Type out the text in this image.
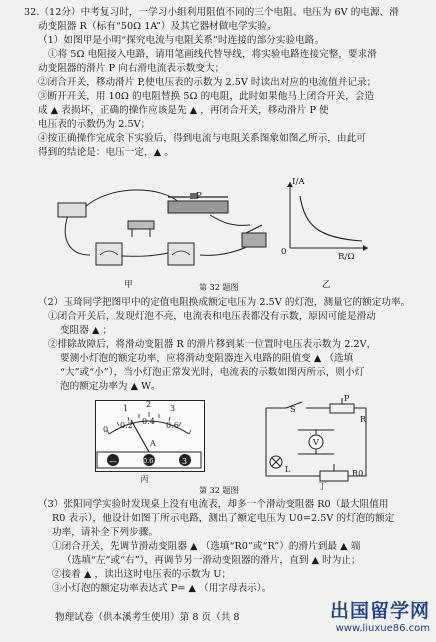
32.（12分）中考复习时，一学习小组利用阻值不同的三个电阻、电压为 6V 的电源、滑
动变阻器 R（标有“50Ω 1A”）及其它器材做电学实验。
（1）如图甲是小明“探究电流与电阻关系”时连接的部分实验电路。
①将 5Ω 电阻接入电路，请用笔画线代替导线，将实验电路连接完整，要求滑
动变阻器的滑片 P 向右滑电流表示数变大；
②闭合开关，移动滑片 P,使电压表的示数为 2.5V 时读出对应的电流值并记录；
③断开开关，用 10Ω 的电阻替换 5Ω 的电阻，此时如果他马上闭合开关，会造
成 ▲ 表损坏，正确的操作应该是先 ▲ ，再闭合开关，移动滑片 P 使
电压表的示数仍为 2.5V；
④按正确操作完成余下实验后，得到电流与电阻关系图象如图乙所示，由此可
得到的结论是：电压一定，▲ 。
P
I/A
R/Ω
0
甲	第 32 题图	乙
（2）玉琦同学把图甲中的定值电阻换成额定电压为 2.5V 的灯泡，测量它的额定功率。
①闭合开关后，发现灯泡不亮，电流表和电压表都没有示数，原因可能是滑动
变阻器 ▲ ；
②排除故障后，将滑动变阻器 R 的滑片移到某一位置时电压表示数为 2.2V，
要测小灯泡的额定功率，应将滑动变阻器连入电路的阻值变 ▲ （选填
“大”或“小”），当小灯泡正常发光时，电流表的示数如图丙所示，则小灯
泡的额定功率为 ▲ W。
1 2 3
0 0.2 0.4 0.6
A
—	0.6	3
丙
S
P
R
V
L	R0
丁
第 32 题图
（3）张阳同学实验时发现桌上没有电流表，却多一个滑动变阻器 R0（最大阻值用
R0 表示），他设计如图丁所示电路，测出了额定电压为 U0=2.5V 的灯泡的额定
功率，请补全下列步骤。
①闭合开关，先调节滑动变阻器 ▲ （选填“R0”或“R”）的滑片到最 ▲ 端
（选填“左”或“右”），再调节另一滑动变阻器的滑片，直到 ▲ 时为止；
②接着 ▲ ，读出这时电压表的示数为 U；
③小灯泡的额定功率表达式 P= ▲ （用字母表示）。
物理试卷（供本溪考生使用）第 8 页（共 8	出国留学网
www.liuxue86.com
